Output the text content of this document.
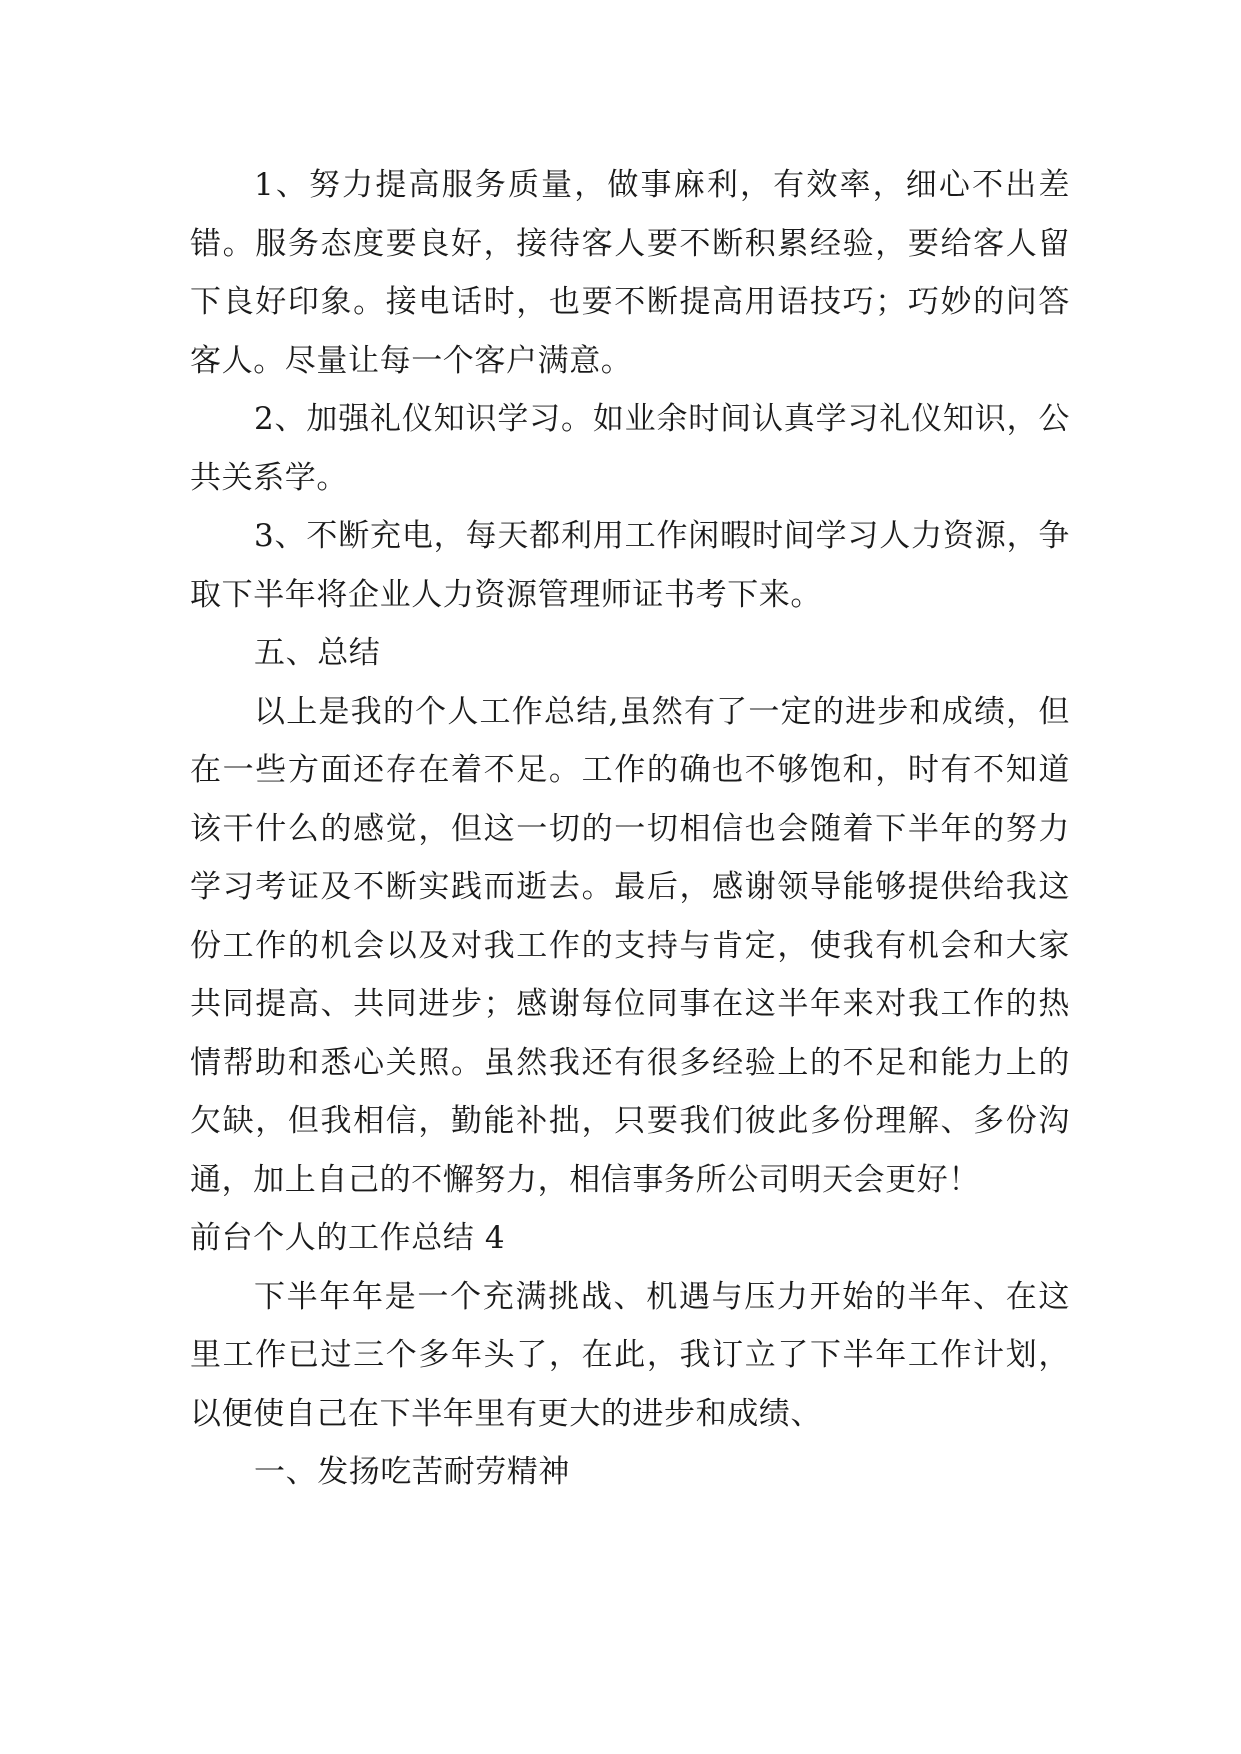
1、努力提高服务质量，做事麻利，有效率，细心不出差错。服务态度要良好，接待客人要不断积累经验，要给客人留下良好印象。接电话时，也要不断提高用语技巧；巧妙的问答客人。尽量让每一个客户满意。

2、加强礼仪知识学习。如业余时间认真学习礼仪知识，公共关系学。

3、不断充电，每天都利用工作闲暇时间学习人力资源，争取下半年将企业人力资源管理师证书考下来。

五、总结

以上是我的个人工作总结,虽然有了一定的进步和成绩，但在一些方面还存在着不足。工作的确也不够饱和，时有不知道该干什么的感觉，但这一切的一切相信也会随着下半年的努力学习考证及不断实践而逝去。最后，感谢领导能够提供给我这份工作的机会以及对我工作的支持与肯定，使我有机会和大家共同提高、共同进步；感谢每位同事在这半年来对我工作的热情帮助和悉心关照。虽然我还有很多经验上的不足和能力上的欠缺，但我相信，勤能补拙，只要我们彼此多份理解、多份沟通，加上自己的不懈努力，相信事务所公司明天会更好！

前台个人的工作总结 4

下半年年是一个充满挑战、机遇与压力开始的半年、在这里工作已过三个多年头了，在此，我订立了下半年工作计划，以便使自己在下半年里有更大的进步和成绩、

一、发扬吃苦耐劳精神
